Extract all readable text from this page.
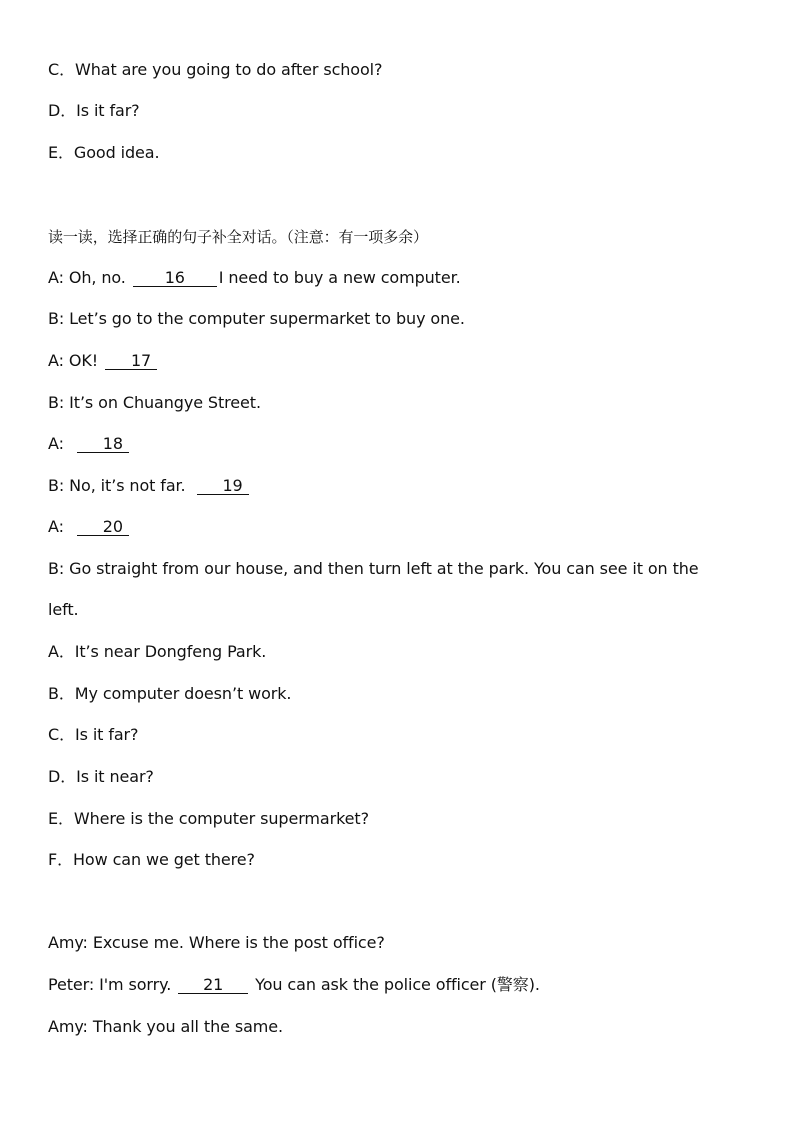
C．What are you going to do after school?
D．Is it far?
E．Good idea.
读一读，选择正确的句子补全对话。（注意：有一项多余）
A: Oh, no. 16 I need to buy a new computer.
B: Let’s go to the computer supermarket to buy one.
A: OK! 17
B: It’s on Chuangye Street.
A: 18
B: No, it’s not far. 19
A: 20
B: Go straight from our house, and then turn left at the park. You can see it on the
left.
A．It’s near Dongfeng Park.
B．My computer doesn’t work.
C．Is it far?
D．Is it near?
E．Where is the computer supermarket?
F．How can we get there?
Amy: Excuse me. Where is the post office?
Peter: I'm sorry. 21 You can ask the police officer (警察).
Amy: Thank you all the same.
